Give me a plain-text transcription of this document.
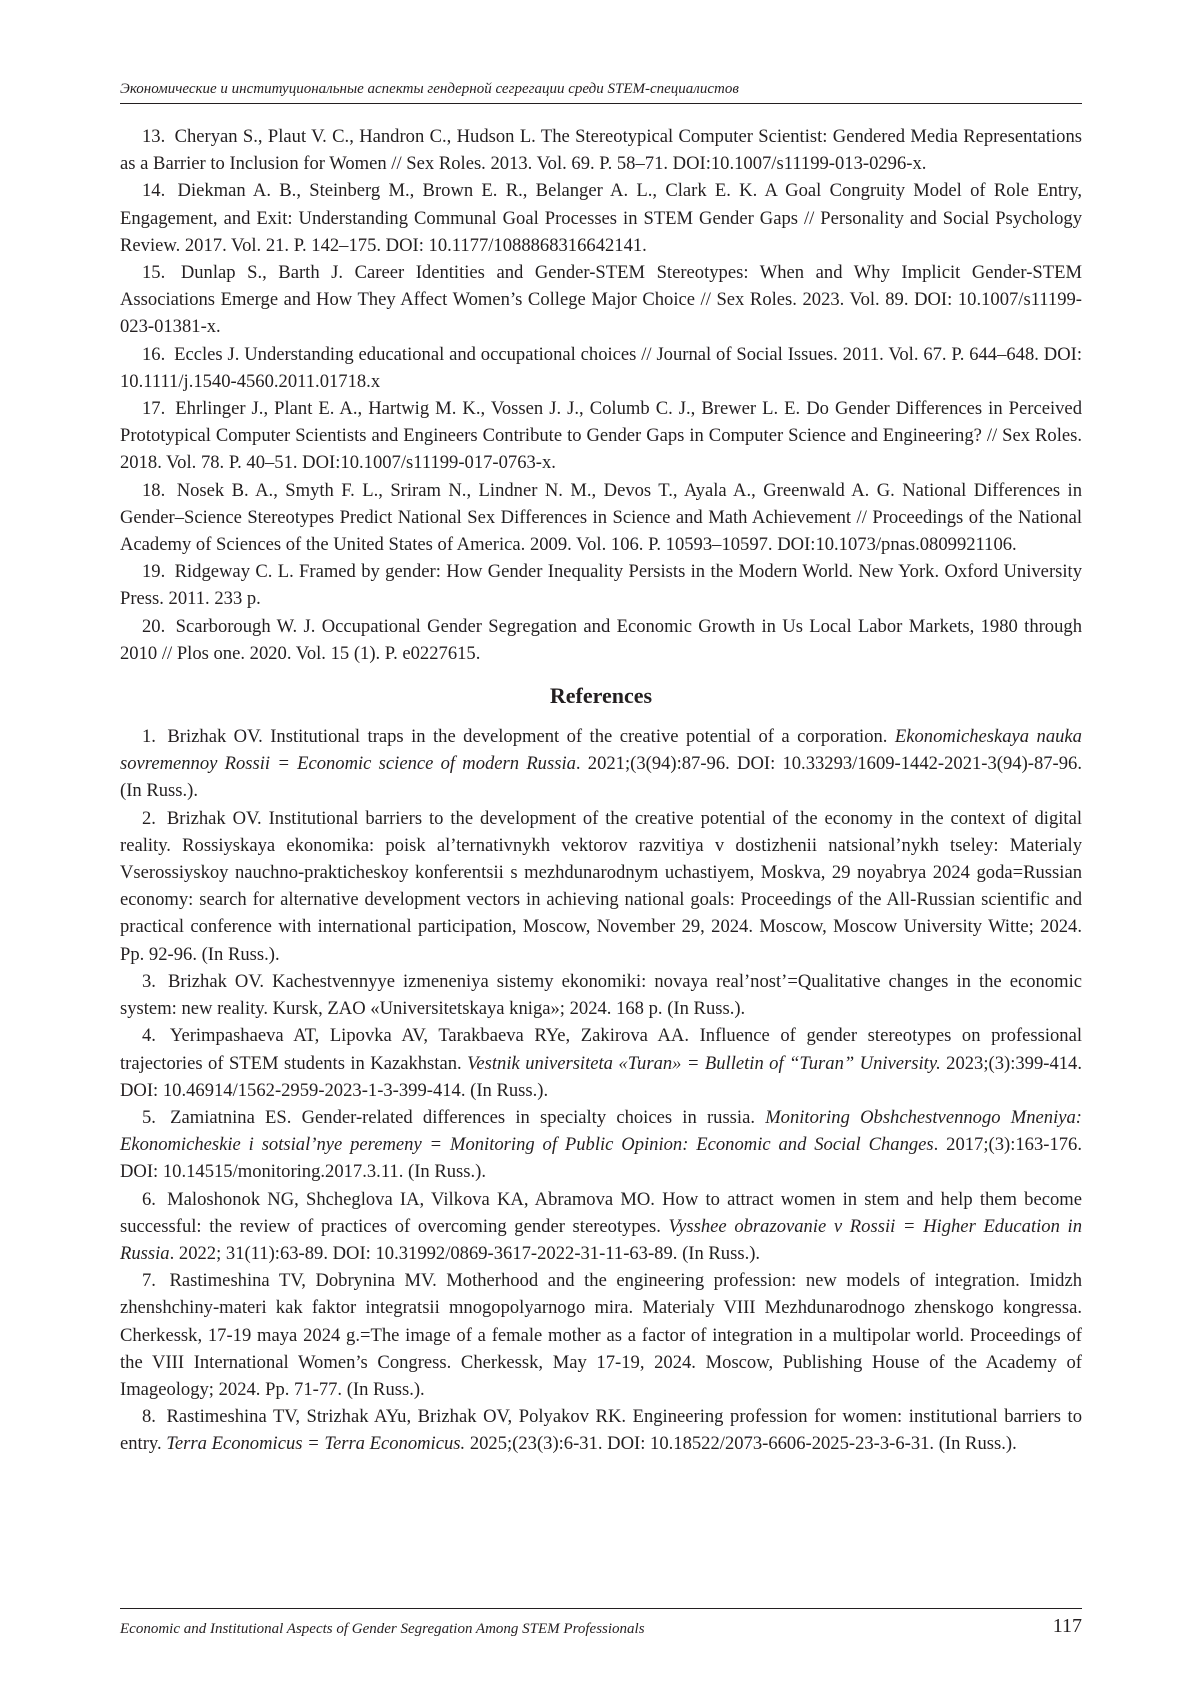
Экономические и институциональные аспекты гендерной сегрегации среди STEM-специалистов

13. Cheryan S., Plaut V. C., Handron C., Hudson L. The Stereotypical Computer Scientist: Gendered Media Representations as a Barrier to Inclusion for Women // Sex Roles. 2013. Vol. 69. P. 58–71. DOI:10.1007/s11199-013-0296-x.

14. Diekman A. B., Steinberg M., Brown E. R., Belanger A. L., Clark E. K. A Goal Congruity Model of Role Entry, Engagement, and Exit: Understanding Communal Goal Processes in STEM Gender Gaps // Personality and Social Psychology Review. 2017. Vol. 21. P. 142–175. DOI: 10.1177/1088868316642141.

15. Dunlap S., Barth J. Career Identities and Gender-STEM Stereotypes: When and Why Implicit Gender-STEM Associations Emerge and How They Affect Women’s College Major Choice // Sex Roles. 2023. Vol. 89. DOI: 10.1007/s11199-023-01381-x.

16. Eccles J. Understanding educational and occupational choices // Journal of Social Issues. 2011. Vol. 67. P. 644–648. DOI: 10.1111/j.1540-4560.2011.01718.x

17. Ehrlinger J., Plant E. A., Hartwig M. K., Vossen J. J., Columb C. J., Brewer L. E. Do Gender Differences in Perceived Prototypical Computer Scientists and Engineers Contribute to Gender Gaps in Computer Science and Engineering? // Sex Roles. 2018. Vol. 78. P. 40–51. DOI:10.1007/s11199-017-0763-x.

18. Nosek B. A., Smyth F. L., Sriram N., Lindner N. M., Devos T., Ayala A., Greenwald A. G. National Differences in Gender–Science Stereotypes Predict National Sex Differences in Science and Math Achievement // Proceedings of the National Academy of Sciences of the United States of America. 2009. Vol. 106. P. 10593–10597. DOI:10.1073/pnas.0809921106.

19. Ridgeway C. L. Framed by gender: How Gender Inequality Persists in the Modern World. New York. Oxford University Press. 2011. 233 p.

20. Scarborough W. J. Occupational Gender Segregation and Economic Growth in Us Local Labor Markets, 1980 through 2010 // Plos one. 2020. Vol. 15 (1). P. e0227615.

References

1. Brizhak OV. Institutional traps in the development of the creative potential of a corporation. Ekonomicheskaya nauka sovremennoy Rossii = Economic science of modern Russia. 2021;(3(94):87-96. DOI: 10.33293/1609-1442-2021-3(94)-87-96. (In Russ.).

2. Brizhak OV. Institutional barriers to the development of the creative potential of the economy in the context of digital reality. Rossiyskaya ekonomika: poisk al’ternativnykh vektorov razvitiya v dostizhenii natsional’nykh tseley: Materialy Vserossiyskoy nauchno-prakticheskoy konferentsii s mezhdunarodnym uchastiyem, Moskva, 29 noyabrya 2024 goda=Russian economy: search for alternative development vectors in achieving national goals: Proceedings of the All-Russian scientific and practical conference with international participation, Moscow, November 29, 2024. Moscow, Moscow University Witte; 2024. Pp. 92-96. (In Russ.).

3. Brizhak OV. Kachestvennyye izmeneniya sistemy ekonomiki: novaya real’nost’=Qualitative changes in the economic system: new reality. Kursk, ZAO «Universitetskaya kniga»; 2024. 168 p. (In Russ.).

4. Yerimpashaeva AT, Lipovka AV, Tarakbaeva RYe, Zakirova AA. Influence of gender stereotypes on professional trajectories of STEM students in Kazakhstan. Vestnik universiteta «Turan» = Bulletin of “Turan” University. 2023;(3):399-414. DOI: 10.46914/1562-2959-2023-1-3-399-414. (In Russ.).

5. Zamiatnina ES. Gender-related differences in specialty choices in russia. Monitoring Obshchestvennogo Mneniya: Ekonomicheskie i sotsial’nye peremeny = Monitoring of Public Opinion: Economic and Social Changes. 2017;(3):163-176. DOI: 10.14515/monitoring.2017.3.11. (In Russ.).

6. Maloshonok NG, Shcheglova IA, Vilkova KA, Abramova MO. How to attract women in stem and help them become successful: the review of practices of overcoming gender stereotypes. Vysshee obrazovanie v Rossii = Higher Education in Russia. 2022; 31(11):63-89. DOI: 10.31992/0869-3617-2022-31-11-63-89. (In Russ.).

7. Rastimeshina TV, Dobrynina MV. Motherhood and the engineering profession: new models of integration. Imidzh zhenshchiny-materi kak faktor integratsii mnogopolyarnogo mira. Materialy VIII Mezhdunarodnogo zhenskogo kongressa. Cherkessk, 17-19 maya 2024 g.=The image of a female mother as a factor of integration in a multipolar world. Proceedings of the VIII International Women’s Congress. Cherkessk, May 17-19, 2024. Moscow, Publishing House of the Academy of Imageology; 2024. Pp. 71-77. (In Russ.).

8. Rastimeshina TV, Strizhak AYu, Brizhak OV, Polyakov RK. Engineering profession for women: institutional barriers to entry. Terra Economicus = Terra Economicus. 2025;(23(3):6-31. DOI: 10.18522/2073-6606-2025-23-3-6-31. (In Russ.).

Economic and Institutional Aspects of Gender Segregation Among STEM Professionals	117
